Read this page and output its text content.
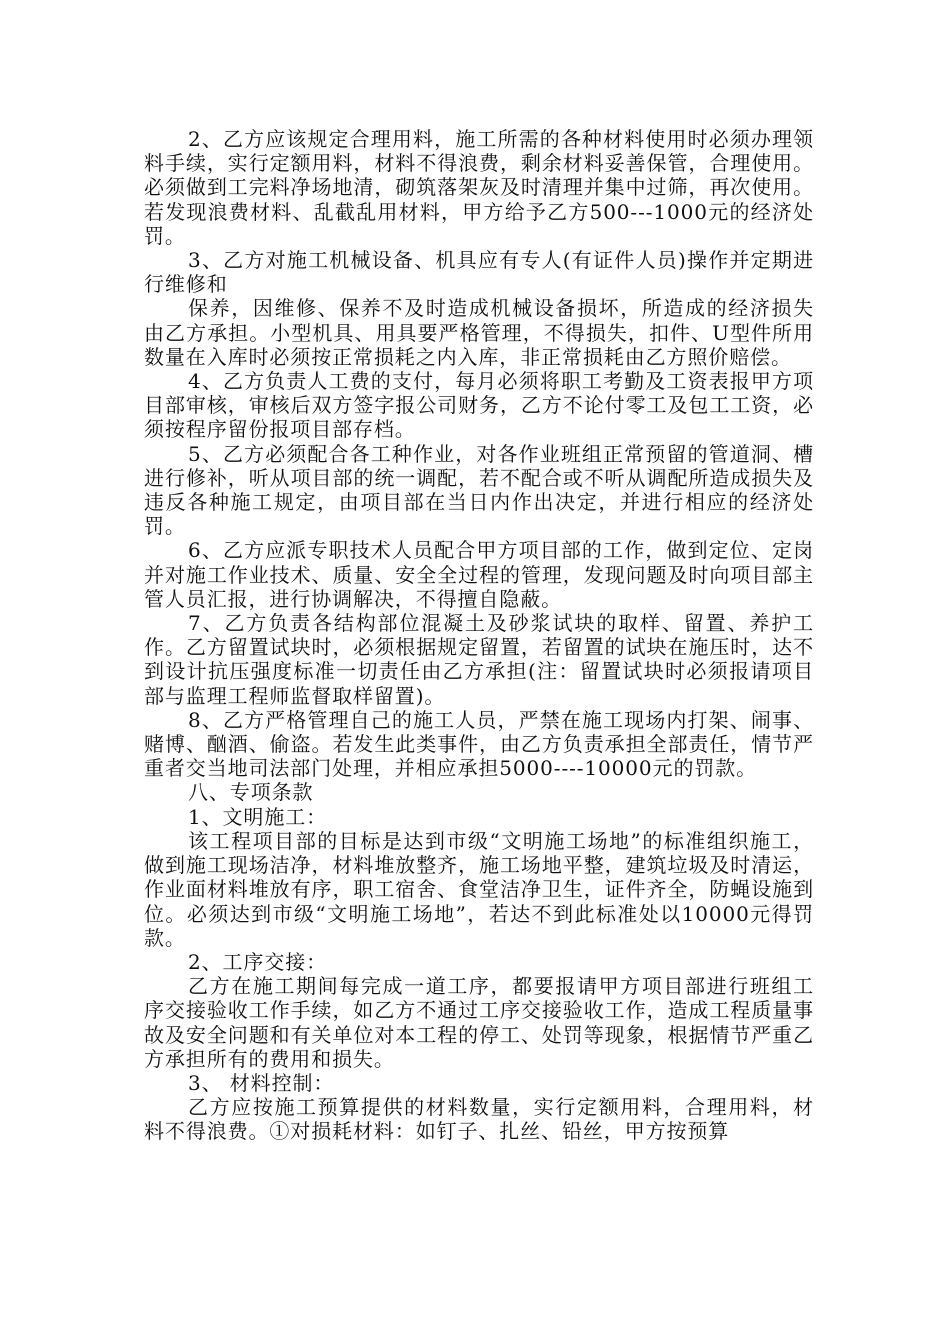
2、乙方应该规定合理用料，施工所需的各种材料使用时必须办理领料手续，实行定额用料，材料不得浪费，剩余材料妥善保管，合理使用。必须做到工完料净场地清，砌筑落架灰及时清理并集中过筛，再次使用。若发现浪费材料、乱截乱用材料，甲方给予乙方500---1000元的经济处罚。

3、乙方对施工机械设备、机具应有专人(有证件人员)操作并定期进行维修和

保养，因维修、保养不及时造成机械设备损坏，所造成的经济损失由乙方承担。小型机具、用具要严格管理，不得损失，扣件、U型件所用数量在入库时必须按正常损耗之内入库，非正常损耗由乙方照价赔偿。

4、乙方负责人工费的支付，每月必须将职工考勤及工资表报甲方项目部审核，审核后双方签字报公司财务，乙方不论付零工及包工工资，必须按程序留份报项目部存档。

5、乙方必须配合各工种作业，对各作业班组正常预留的管道洞、槽进行修补，听从项目部的统一调配，若不配合或不听从调配所造成损失及违反各种施工规定，由项目部在当日内作出决定，并进行相应的经济处罚。

6、乙方应派专职技术人员配合甲方项目部的工作，做到定位、定岗并对施工作业技术、质量、安全全过程的管理，发现问题及时向项目部主管人员汇报，进行协调解决，不得擅自隐蔽。

7、乙方负责各结构部位混凝土及砂浆试块的取样、留置、养护工作。乙方留置试块时，必须根据规定留置，若留置的试块在施压时，达不到设计抗压强度标准一切责任由乙方承担(注：留置试块时必须报请项目部与监理工程师监督取样留置)。

8、乙方严格管理自己的施工人员，严禁在施工现场内打架、闹事、赌博、酗酒、偷盗。若发生此类事件，由乙方负责承担全部责任，情节严重者交当地司法部门处理，并相应承担5000----10000元的罚款。

八、专项条款

1、文明施工：

该工程项目部的目标是达到市级“文明施工场地”的标准组织施工，做到施工现场洁净，材料堆放整齐，施工场地平整，建筑垃圾及时清运，作业面材料堆放有序，职工宿舍、食堂洁净卫生，证件齐全，防蝇设施到位。必须达到市级“文明施工场地”，若达不到此标准处以10000元得罚款。

2、工序交接：

乙方在施工期间每完成一道工序，都要报请甲方项目部进行班组工序交接验收工作手续，如乙方不通过工序交接验收工作，造成工程质量事故及安全问题和有关单位对本工程的停工、处罚等现象，根据情节严重乙方承担所有的费用和损失。

3、 材料控制：

乙方应按施工预算提供的材料数量，实行定额用料，合理用料，材料不得浪费。①对损耗材料：如钉子、扎丝、铅丝，甲方按预算
